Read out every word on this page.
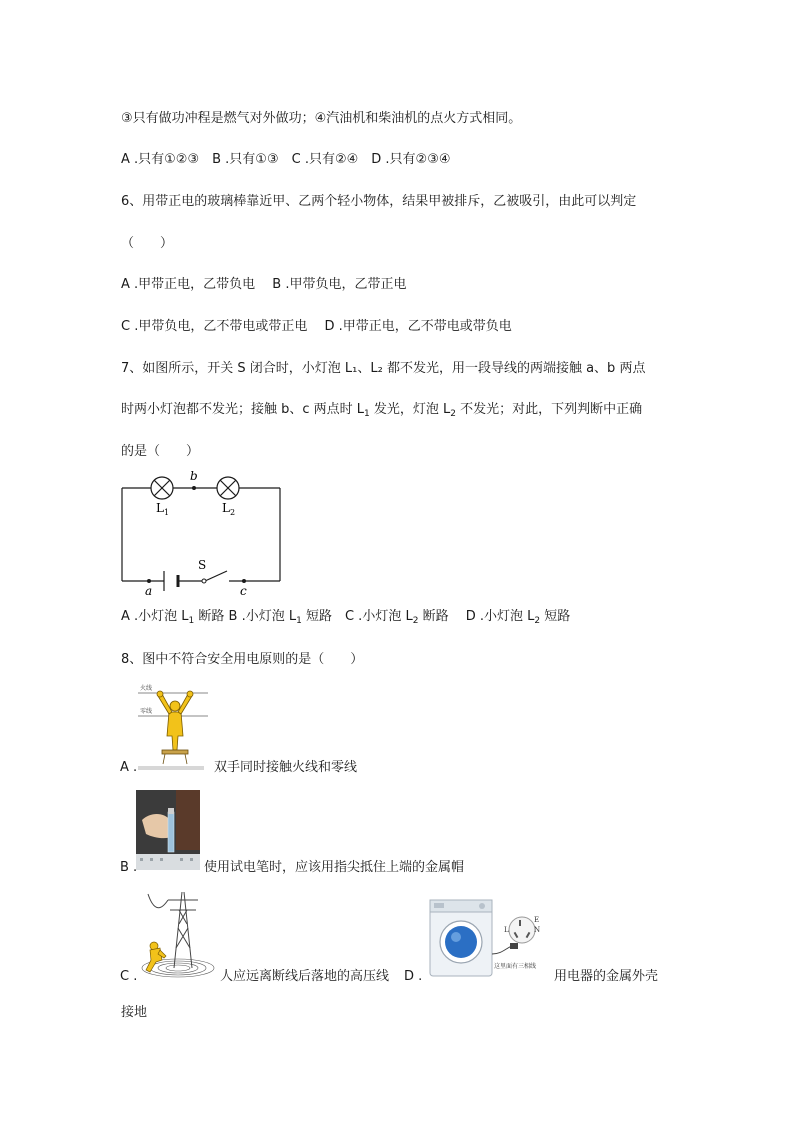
③只有做功冲程是燃气对外做功；④汽油机和柴油机的点火方式相同。
A .只有①②③　B .只有①③　C .只有②④　D .只有②③④
6、用带正电的玻璃棒靠近甲、乙两个轻小物体，结果甲被排斥，乙被吸引，由此可以判定
（　　）
A .甲带正电，乙带负电　 B .甲带负电，乙带正电
C .甲带负电，乙不带电或带正电　 D .甲带正电，乙不带电或带负电
7、如图所示，开关 S 闭合时，小灯泡 L₁、L₂ 都不发光，用一段导线的两端接触 a、b 两点
时两小灯泡都不发光；接触 b、c 两点时 $L_1$ 发光，灯泡 $L_2$ 不发光；对此，下列判断中正确
的是（　　）
b
$L_1$	$L_2$
S
a	c
A .小灯泡 $L_1$ 断路 B .小灯泡 $L_1$ 短路　C .小灯泡 $L_2$ 断路　 D .小灯泡 $L_2$ 短路
8、图中不符合安全用电原则的是（　　）
火线
零线
A .	双手同时接触火线和零线
B .	使用试电笔时，应该用指尖抵住上端的金属帽
C .	人应远离断线后落地的高压线 D .
E
N
L
这里面有三相线
用电器的金属外壳
接地
